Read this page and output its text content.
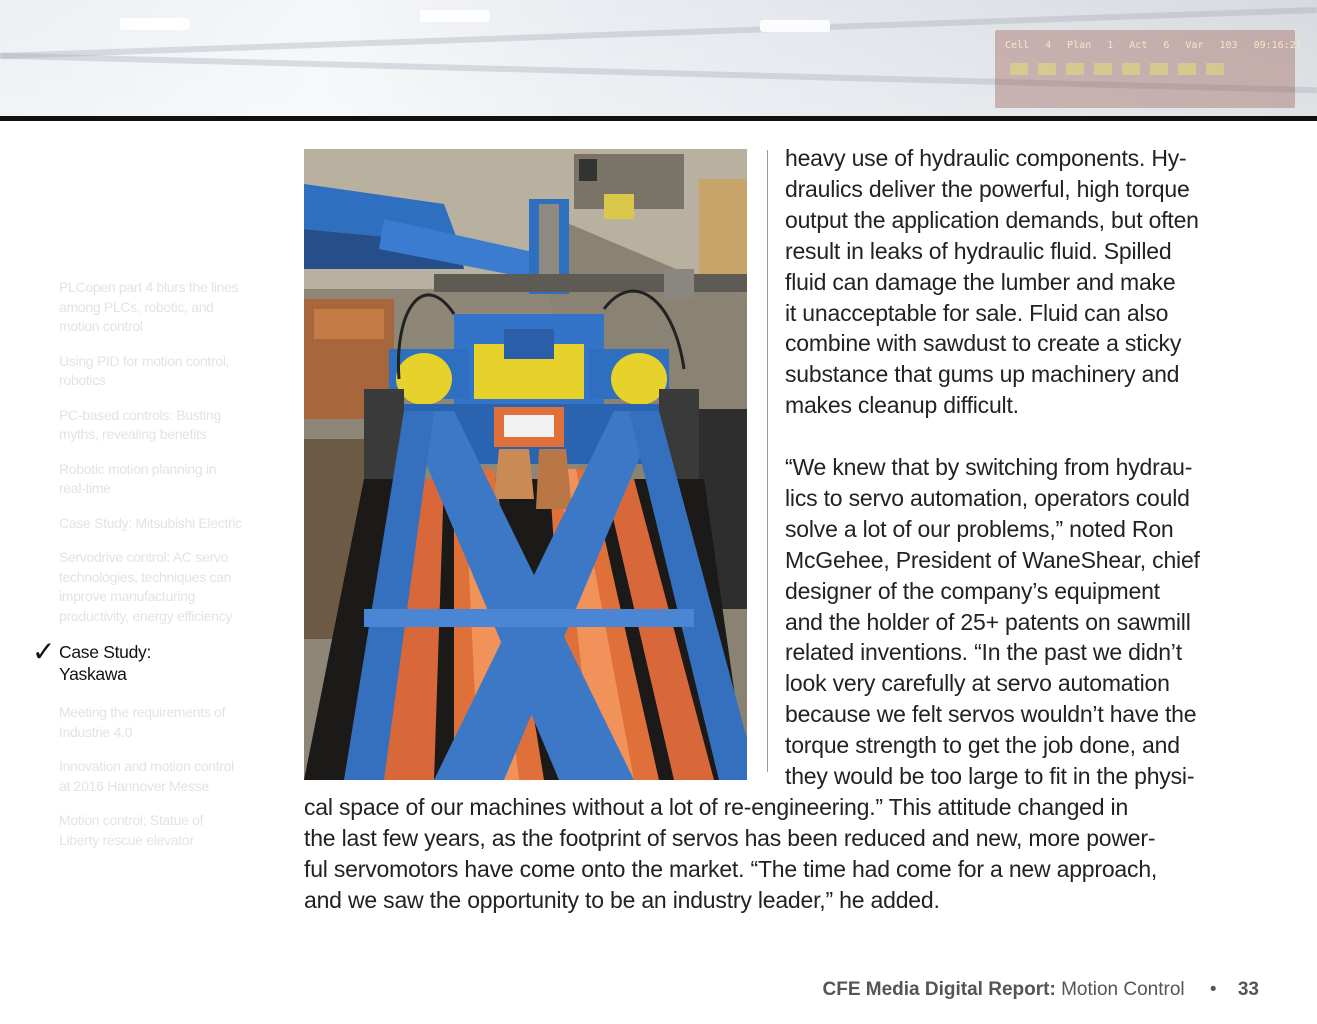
Cell 4 Plan 1 Act 6 Var 103 09:16:27
PLCopen part 4 blurs the lines among PLCs, robotic, and motion control
Using PID for motion control, robotics
PC-based controls: Busting myths, revealing benefits
Robotic motion planning in real-time
Case Study: Mitsubishi Electric
Servodrive control: AC servo technologies, techniques can improve manufacturing productivity, energy efficiency
✓ Case Study:
Yaskawa
Meeting the requirements of Industrie 4.0
Innovation and motion control at 2016 Hannover Messe
Motion control: Statue of Liberty rescue elevator

heavy use of hydraulic components. Hy-
draulics deliver the powerful, high torque
output the application demands, but often
result in leaks of hydraulic fluid. Spilled
fluid can damage the lumber and make
it unacceptable for sale. Fluid can also
combine with sawdust to create a sticky
substance that gums up machinery and
makes cleanup difficult.

“We knew that by switching from hydrau-
lics to servo automation, operators could
solve a lot of our problems,” noted Ron
McGehee, President of WaneShear, chief
designer of the company’s equipment
and the holder of 25+ patents on sawmill
related inventions. “In the past we didn’t
look very carefully at servo automation
because we felt servos wouldn’t have the
torque strength to get the job done, and
they would be too large to fit in the physi-

cal space of our machines without a lot of re-engineering.” This attitude changed in
the last few years, as the footprint of servos has been reduced and new, more power-
ful servomotors have come onto the market. “The time had come for a new approach,
and we saw the opportunity to be an industry leader,” he added.
CFE Media Digital Report: Motion Control • 33
